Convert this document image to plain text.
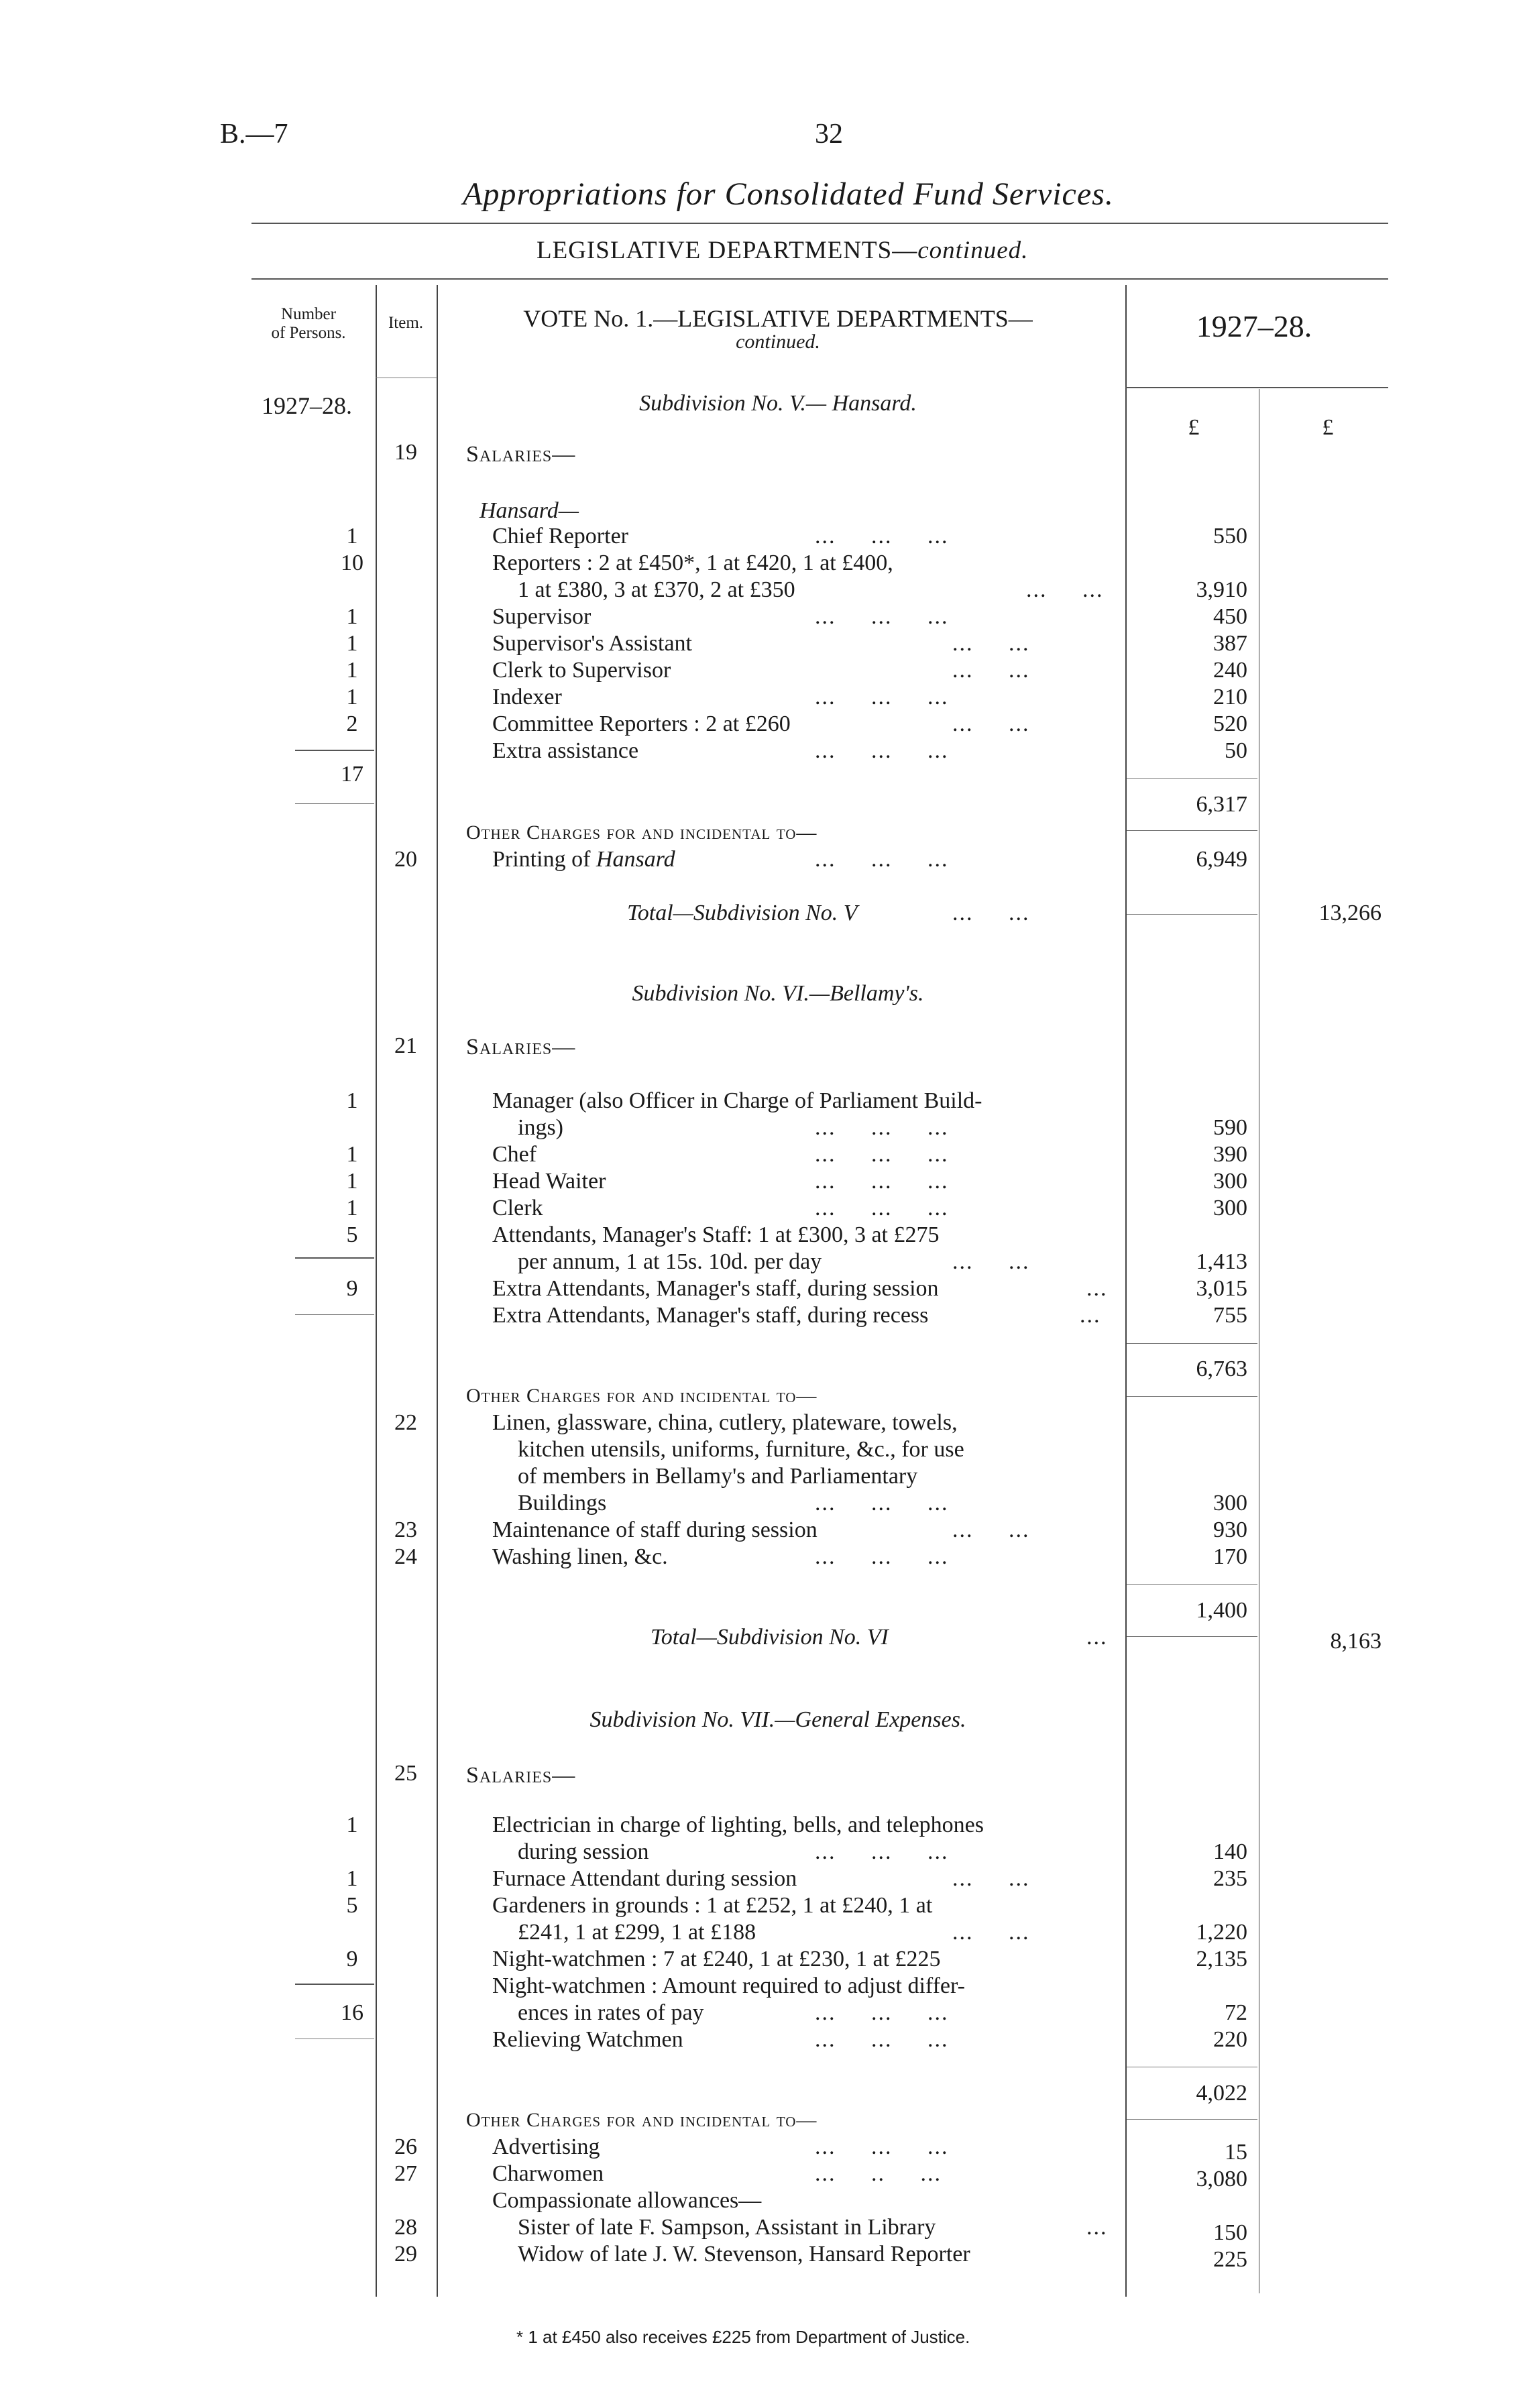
B.—7	32
Appropriations for Consolidated Fund Services.
LEGISLATIVE DEPARTMENTS—continued.
Number
of Persons.
Item.	VOTE No. 1.—LEGISLATIVE DEPARTMENTS—
continued.	1927–28.
1927–28.
£	£
Subdivision No. V.— Hansard.
19	Salaries—
Hansard—
1	Chief Reporter	... ... ...	550
10	Reporters : 2 at £450*, 1 at £420, 1 at £400,
1 at £380, 3 at £370, 2 at £350	... ...	3,910
1	Supervisor	... ... ...	450
1	Supervisor's Assistant	... ...	387
1	Clerk to Supervisor	... ...	240
1	Indexer	... ... ...	210
2	Committee Reporters : 2 at £260	... ...	520
Extra assistance	... ... ...	50
17
6,317
Other Charges for and incidental to—
20	Printing of Hansard	... ... ...	6,949
Total—Subdivision No. V	... ...	13,266
Subdivision No. VI.—Bellamy's.
21	Salaries—
1	Manager (also Officer in Charge of Parliament Build-
ings)	... ... ...	590
1	Chef	... ... ...	390
1	Head Waiter	... ... ...	300
1	Clerk	... ... ...	300
5	Attendants, Manager's Staff: 1 at £300, 3 at £275
per annum, 1 at 15s. 10d. per day	... ...	1,413
Extra Attendants, Manager's staff, during session	...	3,015
Extra Attendants, Manager's staff, during recess	...	755
9
6,763
Other Charges for and incidental to—
22	Linen, glassware, china, cutlery, plateware, towels,
kitchen utensils, uniforms, furniture, &c., for use
of members in Bellamy's and Parliamentary
Buildings	... ... ...	300
23	Maintenance of staff during session	... ...	930
24	Washing linen, &c.	... ... ...	170
1,400
Total—Subdivision No. VI	...	8,163
Subdivision No. VII.—General Expenses.
25	Salaries—
1	Electrician in charge of lighting, bells, and telephones
during session	... ... ...	140
1	Furnace Attendant during session	... ...	235
5	Gardeners in grounds : 1 at £252, 1 at £240, 1 at
£241, 1 at £299, 1 at £188	... ...	1,220
9	Night-watchmen : 7 at £240, 1 at £230, 1 at £225	2,135
Night-watchmen : Amount required to adjust differ-
ences in rates of pay	... ... ...	72
Relieving Watchmen	... ... ...	220
16
4,022
Other Charges for and incidental to—
26	Advertising	... ... ...	15
27	Charwomen	... .. ...	3,080
Compassionate allowances—
28	Sister of late F. Sampson, Assistant in Library	...	150
29	Widow of late J. W. Stevenson, Hansard Reporter	225
* 1 at £450 also receives £225 from Department of Justice.
